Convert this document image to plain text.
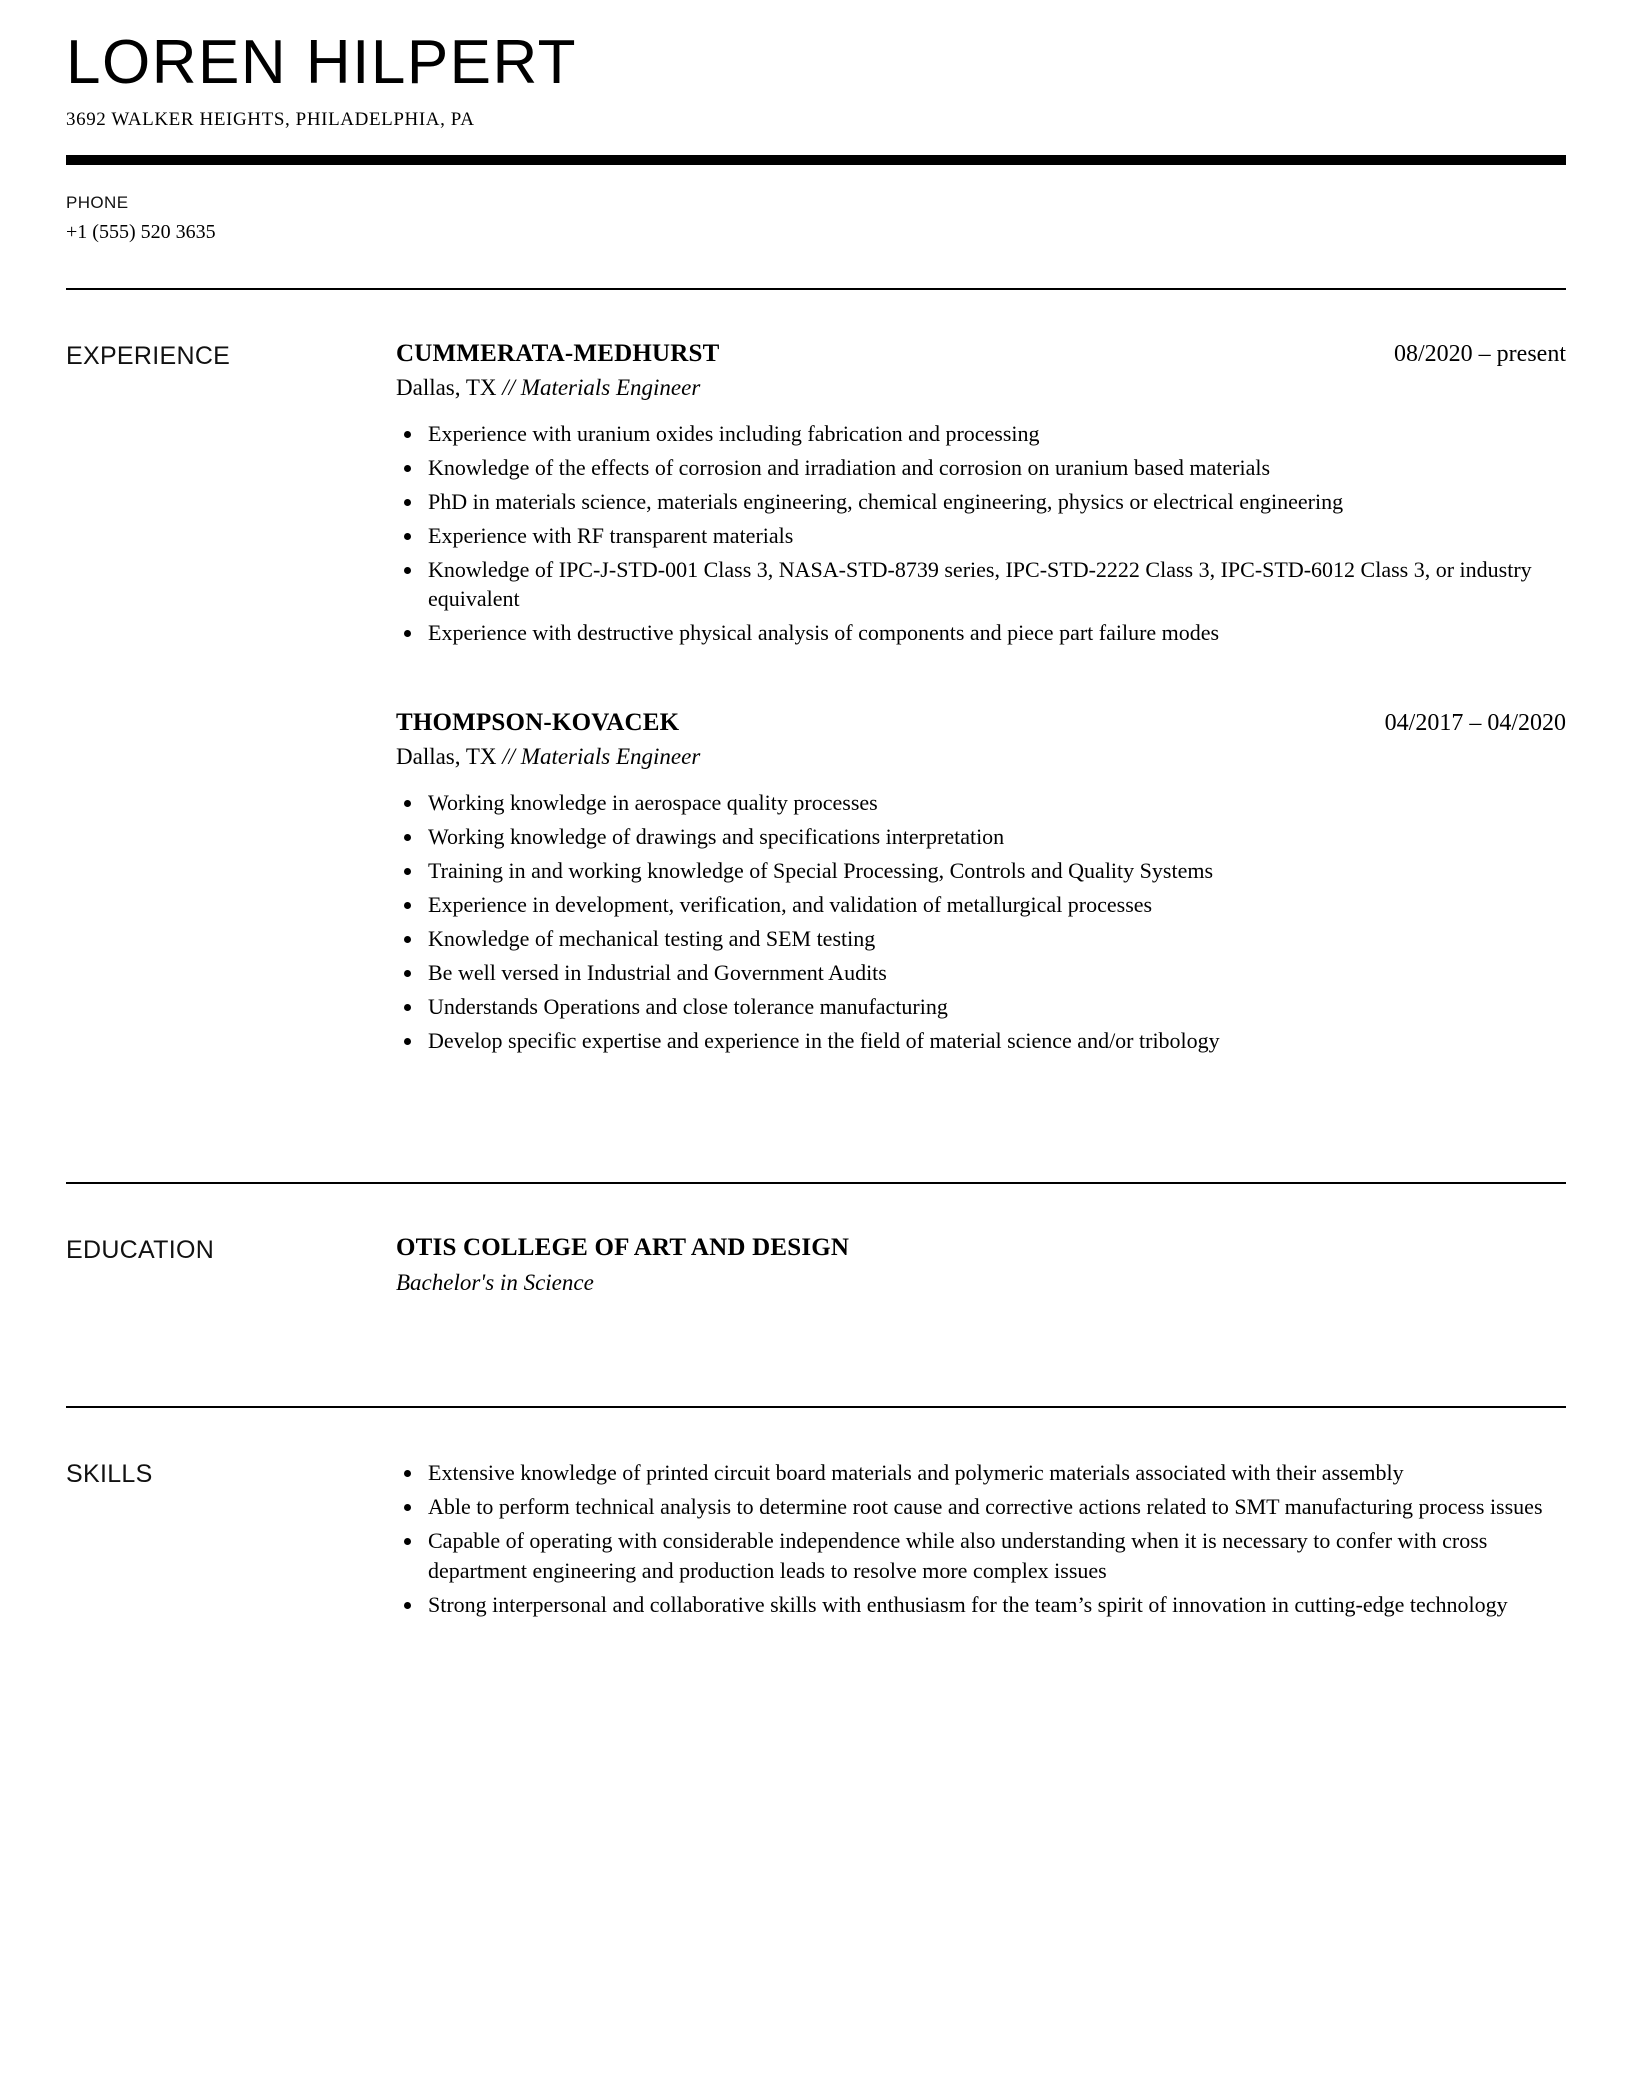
LOREN HILPERT
3692 WALKER HEIGHTS, PHILADELPHIA, PA
PHONE
+1 (555) 520 3635
EXPERIENCE	CUMMERATA-MEDHURST	08/2020 – present
Dallas, TX // Materials Engineer
• Experience with uranium oxides including fabrication and processing
• Knowledge of the effects of corrosion and irradiation and corrosion on uranium based materials
• PhD in materials science, materials engineering, chemical engineering, physics or electrical engineering
• Experience with RF transparent materials
• Knowledge of IPC-J-STD-001 Class 3, NASA-STD-8739 series, IPC-STD-2222 Class 3, IPC-STD-6012 Class 3, or industry equivalent
• Experience with destructive physical analysis of components and piece part failure modes
THOMPSON-KOVACEK	04/2017 – 04/2020
Dallas, TX // Materials Engineer
• Working knowledge in aerospace quality processes
• Working knowledge of drawings and specifications interpretation
• Training in and working knowledge of Special Processing, Controls and Quality Systems
• Experience in development, verification, and validation of metallurgical processes
• Knowledge of mechanical testing and SEM testing
• Be well versed in Industrial and Government Audits
• Understands Operations and close tolerance manufacturing
• Develop specific expertise and experience in the field of material science and/or tribology
EDUCATION	OTIS COLLEGE OF ART AND DESIGN
Bachelor's in Science
SKILLS	• Extensive knowledge of printed circuit board materials and polymeric materials associated with their assembly
• Able to perform technical analysis to determine root cause and corrective actions related to SMT manufacturing process issues
• Capable of operating with considerable independence while also understanding when it is necessary to confer with cross department engineering and production leads to resolve more complex issues
• Strong interpersonal and collaborative skills with enthusiasm for the team’s spirit of innovation in cutting-edge technology
